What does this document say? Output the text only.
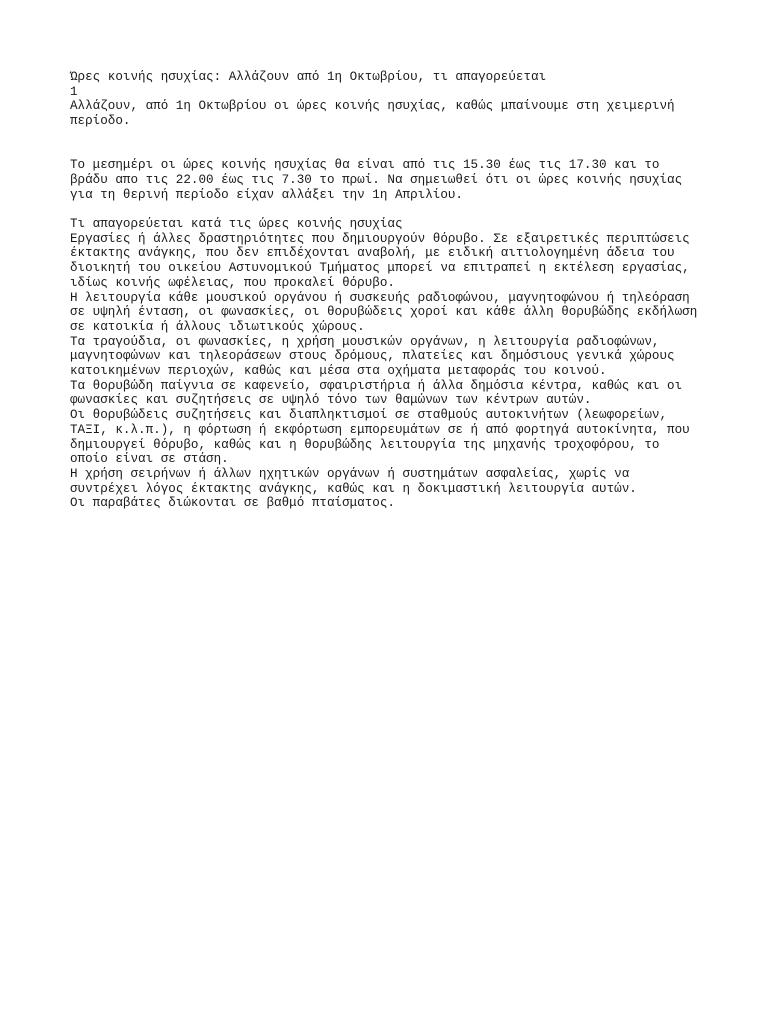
Ώρες κοινής ησυχίας: Αλλάζουν από 1η Οκτωβρίου, τι απαγορεύεται
1
Αλλάζουν, από 1η Οκτωβρίου οι ώρες κοινής ησυχίας, καθώς μπαίνουμε στη χειμερινή
περίοδο.
Το μεσημέρι οι ώρες κοινής ησυχίας θα είναι από τις 15.30 έως τις 17.30 και το
βράδυ απο τις 22.00 έως τις 7.30 το πρωί. Να σημειωθεί ότι οι ώρες κοινής ησυχίας
για τη θερινή περίοδο είχαν αλλάξει την 1η Απριλίου.
Τι απαγορεύεται κατά τις ώρες κοινής ησυχίας
Εργασίες ή άλλες δραστηριότητες που δημιουργούν θόρυβο. Σε εξαιρετικές περιπτώσεις
έκτακτης ανάγκης, που δεν επιδέχονται αναβολή, με ειδική αιτιολογημένη άδεια του
διοικητή του οικείου Αστυνομικού Τμήματος μπορεί να επιτραπεί η εκτέλεση εργασίας,
ιδίως κοινής ωφέλειας, που προκαλεί θόρυβο.
Η λειτουργία κάθε μουσικού οργάνου ή συσκευής ραδιοφώνου, μαγνητοφώνου ή τηλεόραση
σε υψηλή ένταση, οι φωνασκίες, οι θορυβώδεις χοροί και κάθε άλλη θορυβώδης εκδήλωση
σε κατοικία ή άλλους ιδιωτικούς χώρους.
Τα τραγούδια, οι φωνασκίες, η χρήση μουσικών οργάνων, η λειτουργία ραδιοφώνων,
μαγνητοφώνων και τηλεοράσεων στους δρόμους, πλατείες και δημόσιους γενικά χώρους
κατοικημένων περιοχών, καθώς και μέσα στα οχήματα μεταφοράς του κοινού.
Τα θορυβώδη παίγνια σε καφενείο, σφαιριστήρια ή άλλα δημόσια κέντρα, καθώς και οι
φωνασκίες και συζητήσεις σε υψηλό τόνο των θαμώνων των κέντρων αυτών.
Οι θορυβώδεις συζητήσεις και διαπληκτισμοί σε σταθμούς αυτοκινήτων (λεωφορείων,
ΤΑΞΙ, κ.λ.π.), η φόρτωση ή εκφόρτωση εμπορευμάτων σε ή από φορτηγά αυτοκίνητα, που
δημιουργεί θόρυβο, καθώς και η θορυβώδης λειτουργία της μηχανής τροχοφόρου, το
οποίο είναι σε στάση.
Η χρήση σειρήνων ή άλλων ηχητικών οργάνων ή συστημάτων ασφαλείας, χωρίς να
συντρέχει λόγος έκτακτης ανάγκης, καθώς και η δοκιμαστική λειτουργία αυτών.
Οι παραβάτες διώκονται σε βαθμό πταίσματος.
